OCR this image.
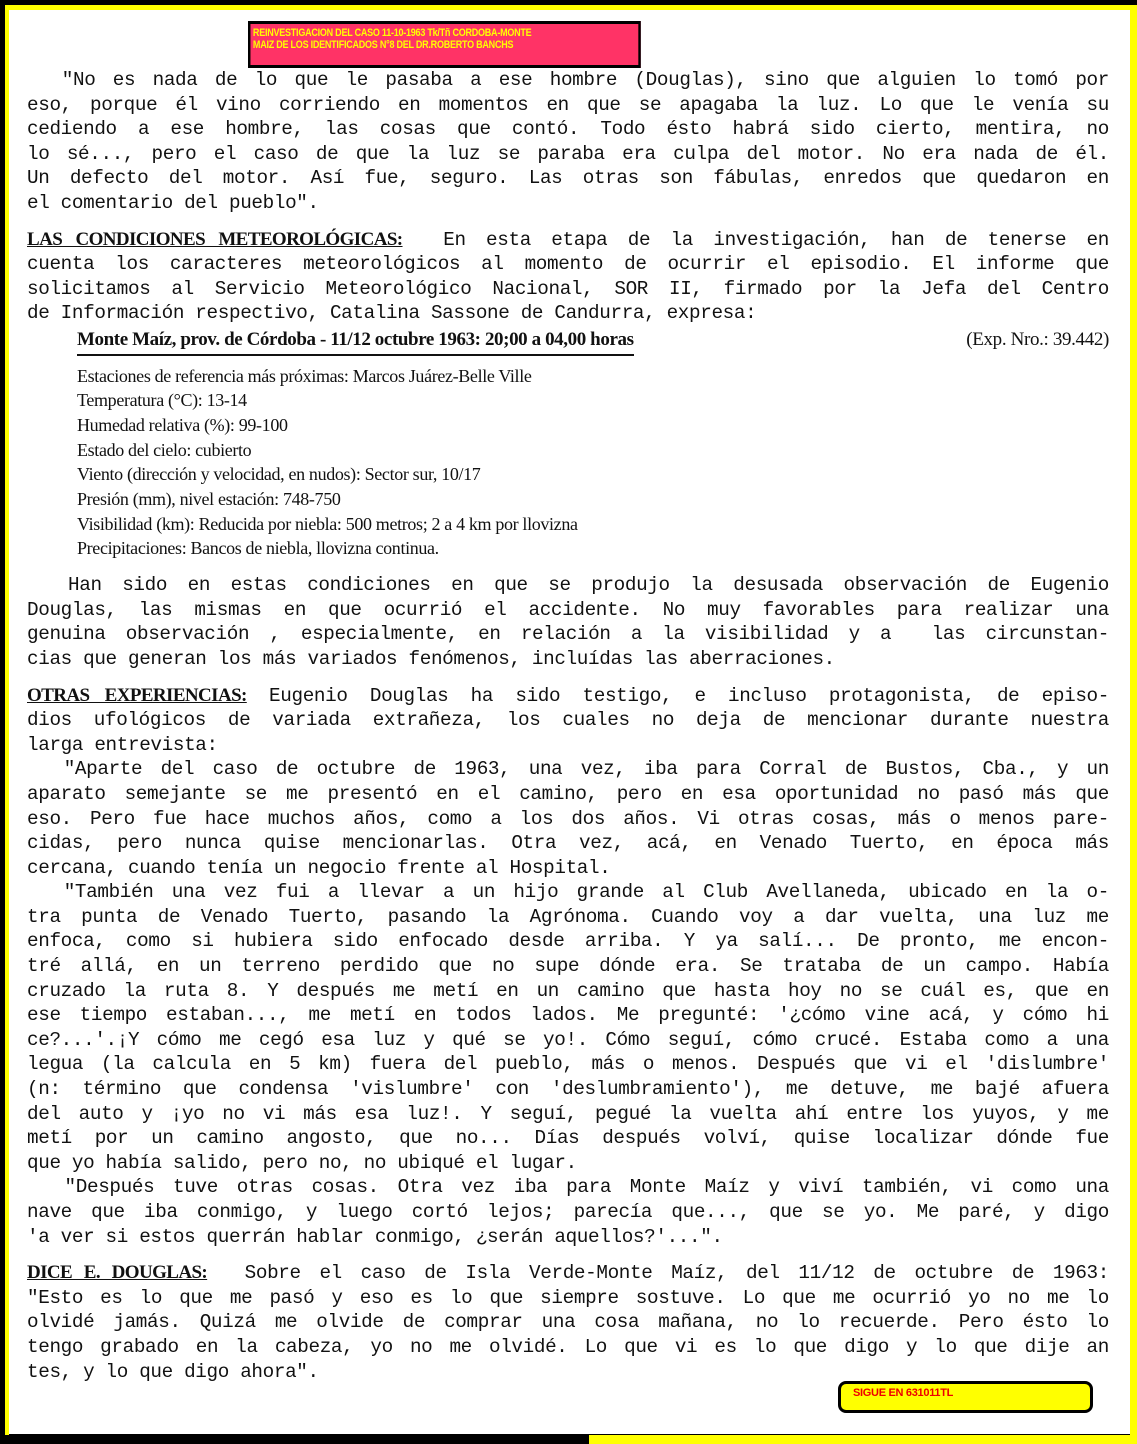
REINVESTIGACION DEL CASO 11-10-1963 Tk/Tñ CORDOBA-MONTE
MAIZ DE LOS IDENTIFICADOS N°8 DEL DR.ROBERTO BANCHS
"No es nada de lo que le pasaba a ese hombre (Douglas), sino que alguien lo tomó por
eso, porque él vino corriendo en momentos en que se apagaba la luz. Lo que le venía su
cediendo a ese hombre, las cosas que contó. Todo ésto habrá sido cierto, mentira, no
lo sé..., pero el caso de que la luz se paraba era culpa del motor. No era nada de él.
Un defecto del motor. Así fue, seguro. Las otras son fábulas, enredos que quedaron en
el comentario del pueblo".
LAS CONDICIONES METEOROLÓGICAS:  En esta etapa de la investigación, han de tenerse en
cuenta los caracteres meteorológicos al momento de ocurrir el episodio. El informe que
solicitamos al Servicio Meteorológico Nacional, SOR II, firmado por la Jefa del Centro
de Información respectivo, Catalina Sassone de Candurra, expresa:
Monte Maíz, prov. de Córdoba - 11/12 octubre 1963: 20;00 a 04,00 horas	(Exp. Nro.: 39.442)
Estaciones de referencia más próximas: Marcos Juárez-Belle Ville
Temperatura (°C): 13-14
Humedad relativa (%): 99-100
Estado del cielo: cubierto
Viento (dirección y velocidad, en nudos): Sector sur, 10/17
Presión (mm), nivel estación: 748-750
Visibilidad (km): Reducida por niebla: 500 metros; 2 a 4 km por llovizna
Precipitaciones: Bancos de niebla, llovizna continua.
Han sido en estas condiciones en que se produjo la desusada observación de Eugenio
Douglas, las mismas en que ocurrió el accidente. No muy favorables para realizar una
genuina observación , especialmente, en relación a la visibilidad y a  las circunstan-
cias que generan los más variados fenómenos, incluídas las aberraciones.
OTRAS EXPERIENCIAS: Eugenio Douglas ha sido testigo, e incluso protagonista, de episo-
dios ufológicos de variada extrañeza, los cuales no deja de mencionar durante nuestra
larga entrevista:
"Aparte del caso de octubre de 1963, una vez, iba para Corral de Bustos, Cba., y un
aparato semejante se me presentó en el camino, pero en esa oportunidad no pasó más que
eso. Pero fue hace muchos años, como a los dos años. Vi otras cosas, más o menos pare-
cidas, pero nunca quise mencionarlas. Otra vez, acá, en Venado Tuerto, en época más
cercana, cuando tenía un negocio frente al Hospital.
"También una vez fui a llevar a un hijo grande al Club Avellaneda, ubicado en la o-
tra punta de Venado Tuerto, pasando la Agrónoma. Cuando voy a dar vuelta, una luz me
enfoca, como si hubiera sido enfocado desde arriba. Y ya salí... De pronto, me encon-
tré allá, en un terreno perdido que no supe dónde era. Se trataba de un campo. Había
cruzado la ruta 8. Y después me metí en un camino que hasta hoy no se cuál es, que en
ese tiempo estaban..., me metí en todos lados. Me pregunté: '¿cómo vine acá, y cómo hi
ce?...'.¡Y cómo me cegó esa luz y qué se yo!. Cómo seguí, cómo crucé. Estaba como a una
legua (la calcula en 5 km) fuera del pueblo, más o menos. Después que vi el 'dislumbre'
(n: término que condensa 'vislumbre' con 'deslumbramiento'), me detuve, me bajé afuera
del auto y ¡yo no vi más esa luz!. Y seguí, pegué la vuelta ahí entre los yuyos, y me
metí por un camino angosto, que no... Días después volví, quise localizar dónde fue
que yo había salido, pero no, no ubiqué el lugar.
"Después tuve otras cosas. Otra vez iba para Monte Maíz y viví también, vi como una
nave que iba conmigo, y luego cortó lejos; parecía que..., que se yo. Me paré, y digo
'a ver si estos querrán hablar conmigo, ¿serán aquellos?'...".
DICE E. DOUGLAS:  Sobre el caso de Isla Verde-Monte Maíz, del 11/12 de octubre de 1963:
"Esto es lo que me pasó y eso es lo que siempre sostuve. Lo que me ocurrió yo no me lo
olvidé jamás. Quizá me olvide de comprar una cosa mañana, no lo recuerde. Pero ésto lo
tengo grabado en la cabeza, yo no me olvidé. Lo que vi es lo que digo y lo que dije an
tes, y lo que digo ahora".
SIGUE EN 631011TL
